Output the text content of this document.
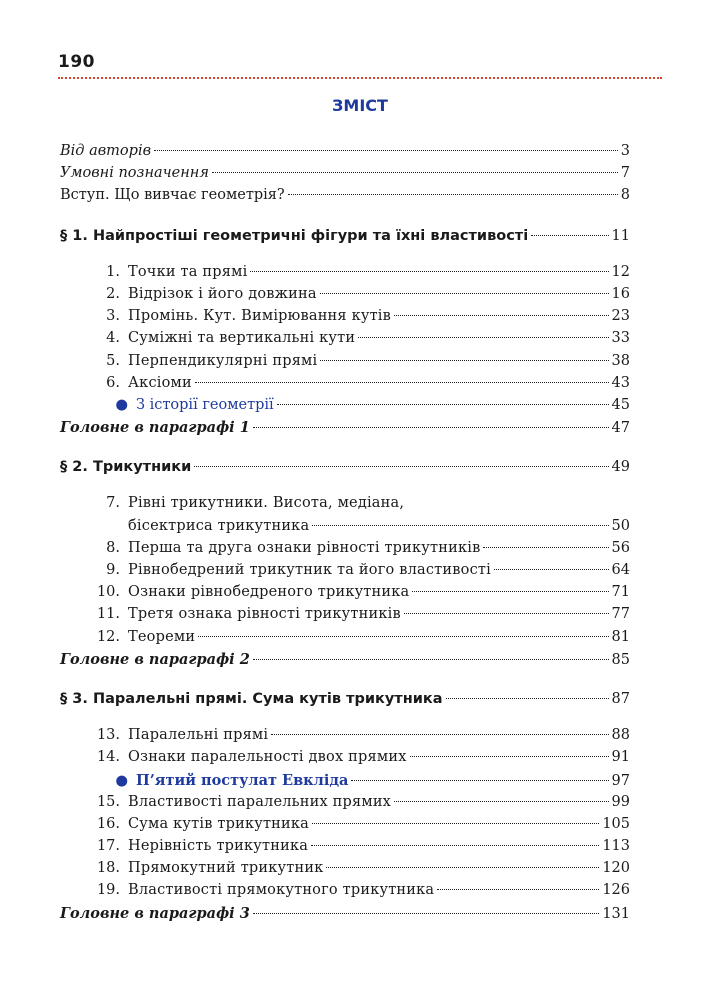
190
ЗМІСТ
Від авторів	3
Умовні позначення	7
Вступ. Що вивчає геометрія?	8
§ 1. Найпростіші геометричні фігури та їхні властивості	11
1. Точки та прямі	12
2. Відрізок і його довжина	16
3. Промінь. Кут. Вимірювання кутів	23
4. Суміжні та вертикальні кути	33
5. Перпендикулярні прямі	38
6. Аксіоми	43
● З історії геометрії	45
Головне в параграфі 1	47
§ 2. Трикутники	49
7. Рівні трикутники. Висота, медіана,
бісектриса трикутника	50
8. Перша та друга ознаки рівності трикутників	56
9. Рівнобедрений трикутник та його властивості	64
10. Ознаки рівнобедреного трикутника	71
11. Третя ознака рівності трикутників	77
12. Теореми	81
Головне в параграфі 2	85
§ 3. Паралельні прямі. Сума кутів трикутника	87
13. Паралельні прямі	88
14. Ознаки паралельності двох прямих	91
● П’ятий постулат Евкліда	97
15. Властивості паралельних прямих	99
16. Сума кутів трикутника	105
17. Нерівність трикутника	113
18. Прямокутний трикутник	120
19. Властивості прямокутного трикутника	126
Головне в параграфі 3	131
